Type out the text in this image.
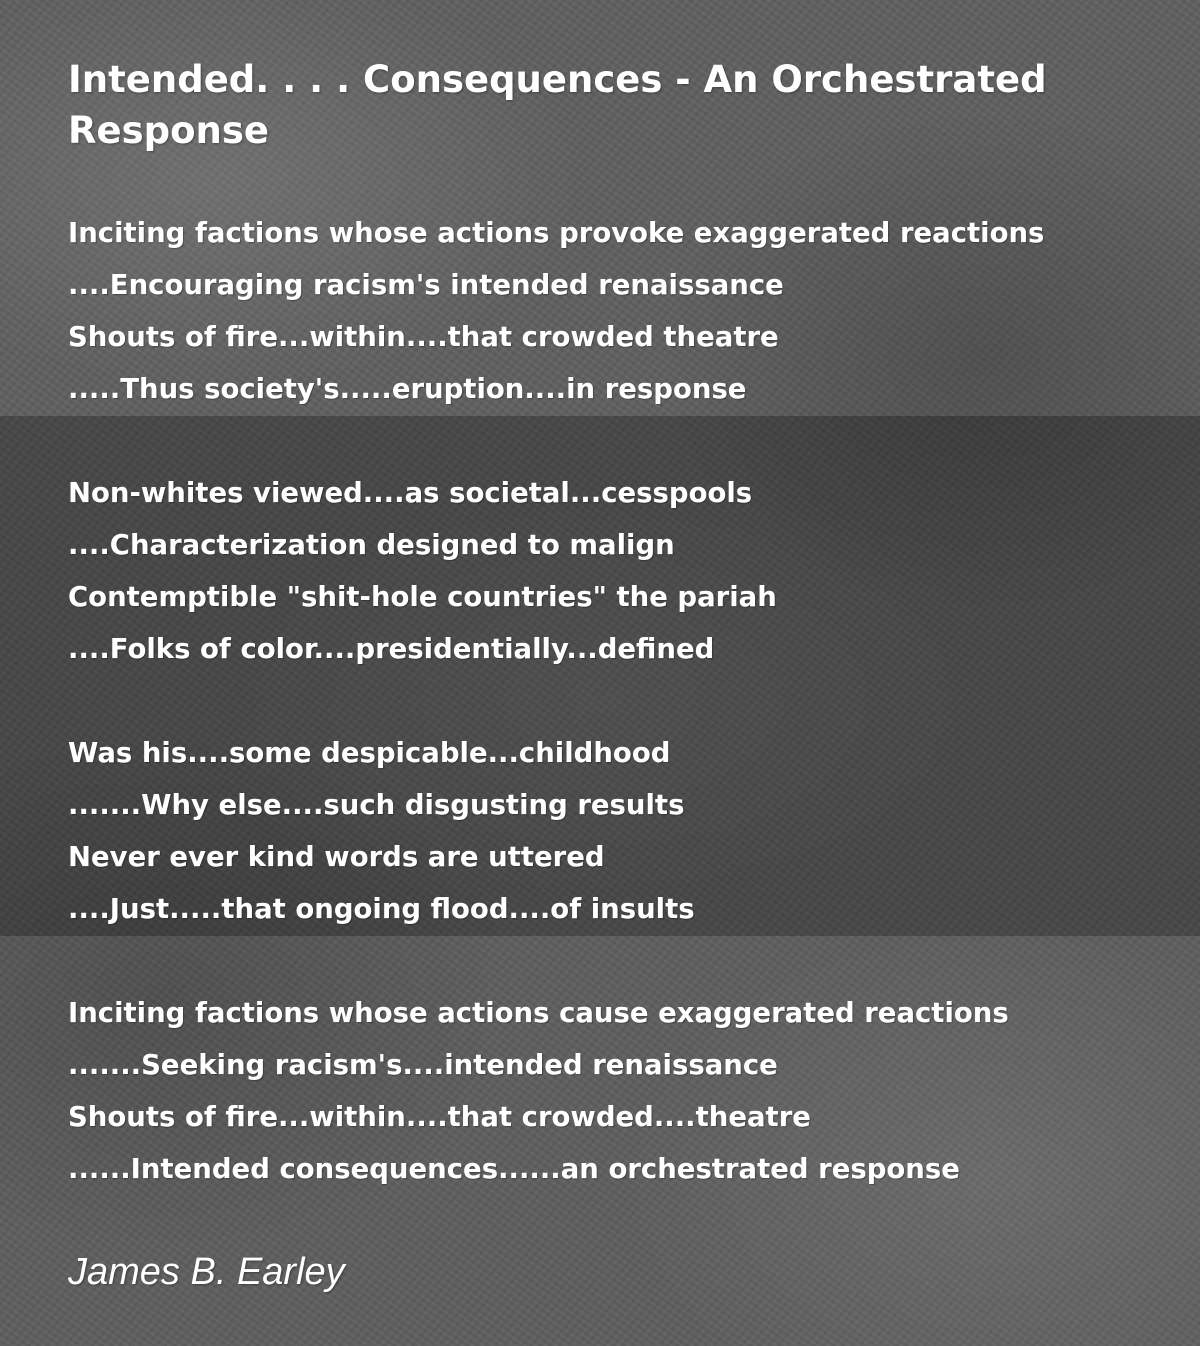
Intended. . . . Consequences - An Orchestrated Response
Inciting factions whose actions provoke exaggerated reactions
....Encouraging racism's intended renaissance
Shouts of fire...within....that crowded theatre
.....Thus society's.....eruption....in response
Non-whites viewed....as societal...cesspools
....Characterization designed to malign
Contemptible "shit-hole countries" the pariah
....Folks of color....presidentially...defined
Was his....some despicable...childhood
.......Why else....such disgusting results
Never ever kind words are uttered
....Just.....that ongoing flood....of insults
Inciting factions whose actions cause exaggerated reactions
.......Seeking racism's....intended renaissance
Shouts of fire...within....that crowded....theatre
......Intended consequences......an orchestrated response
James B. Earley
